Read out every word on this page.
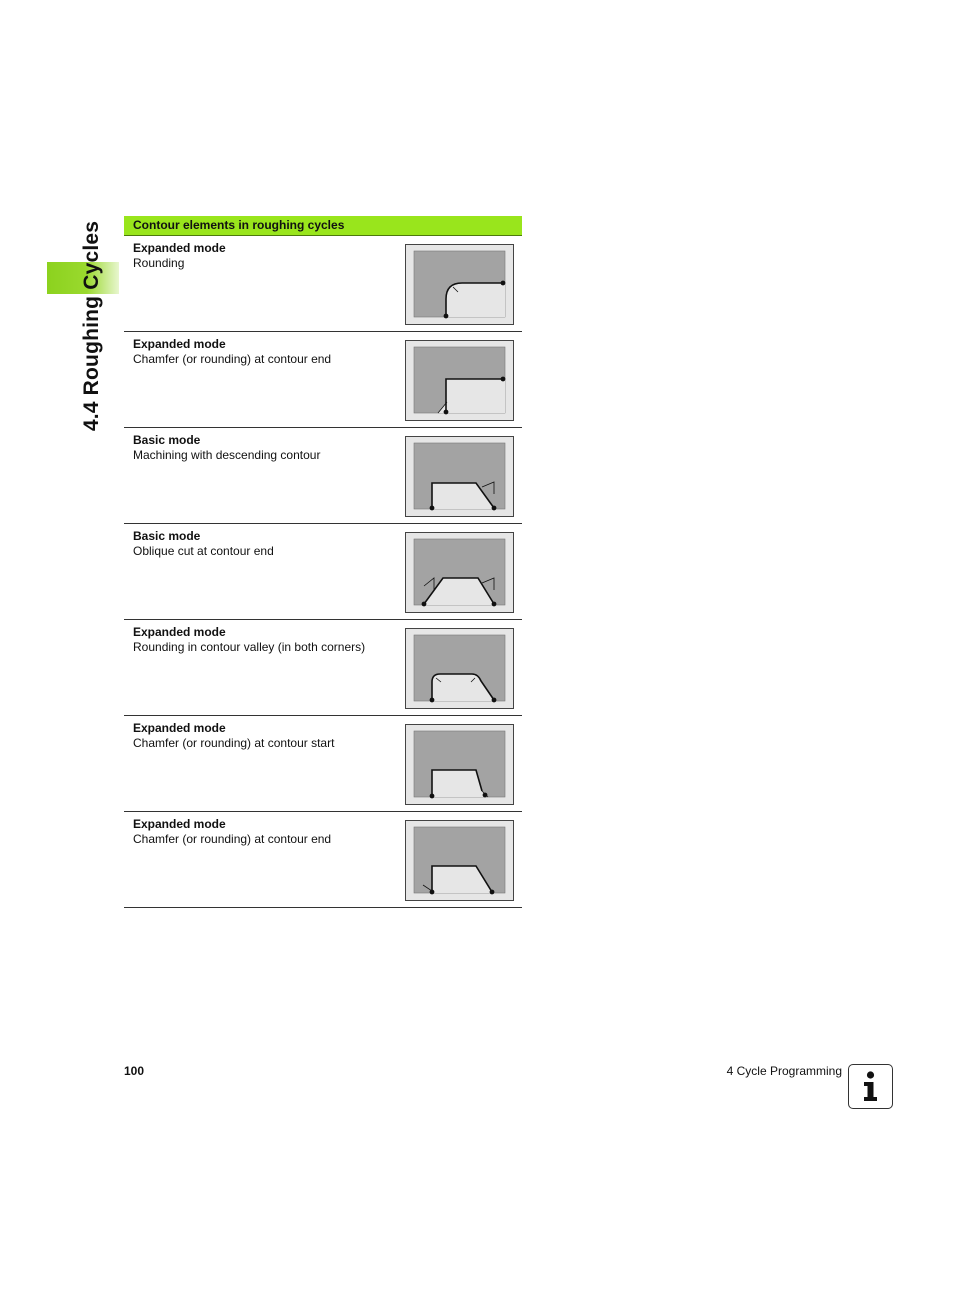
4.4 Roughing Cycles	Contour elements in roughing cycles
Expanded mode
Rounding
Expanded mode
Chamfer (or rounding) at contour end
Basic mode
Machining with descending contour
Basic mode
Oblique cut at contour end
Expanded mode
Rounding in contour valley (in both corners)
Expanded mode
Chamfer (or rounding) at contour start
Expanded mode
Chamfer (or rounding) at contour end
100	4 Cycle Programming
